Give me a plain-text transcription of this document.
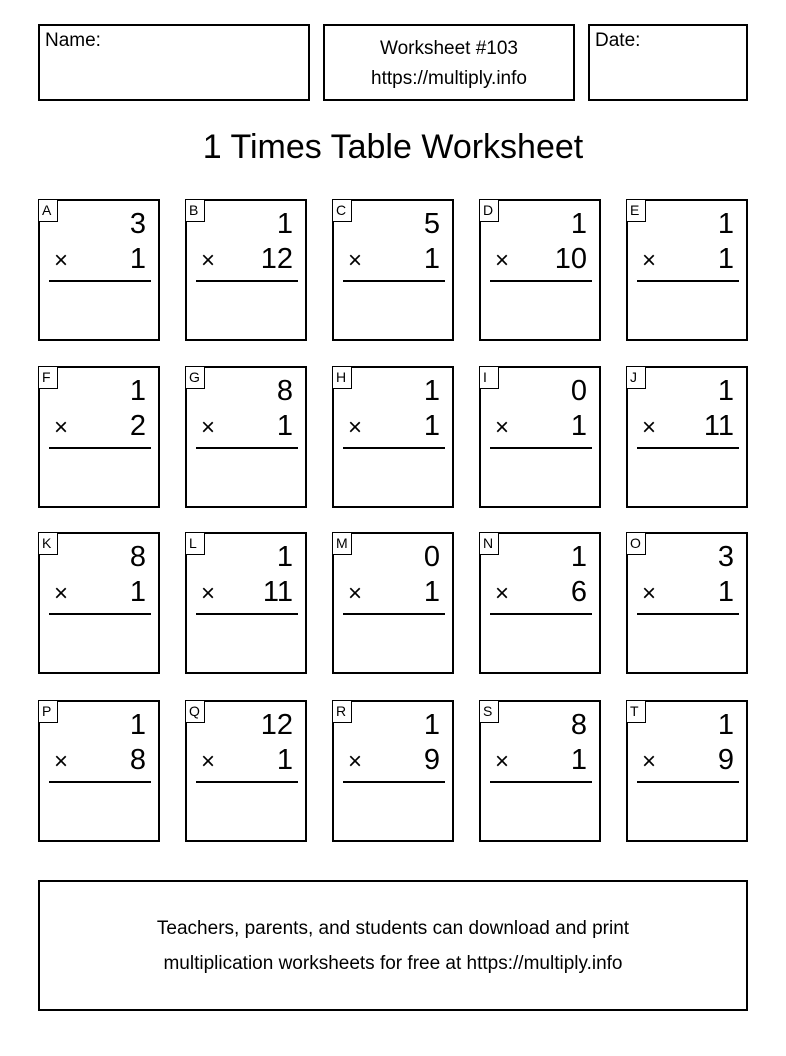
Name:	Worksheet #103
https://multiply.info
Date:
1 Times Table Worksheet
A	3
× 1
B	1
× 12
C	5
× 1
D	1
× 10
E	1
× 1
F	1
× 2
G	8
× 1
H	1
× 1
I	0
× 1
J	1
× 11
K	8
× 1
L	1
× 11
M	0
× 1
N	1
× 6
O	3
× 1
P	1
× 8
Q 12
× 1
R	1
× 9
S	8
× 1
T	1
× 9
Teachers, parents, and students can download and print
multiplication worksheets for free at https://multiply.info
